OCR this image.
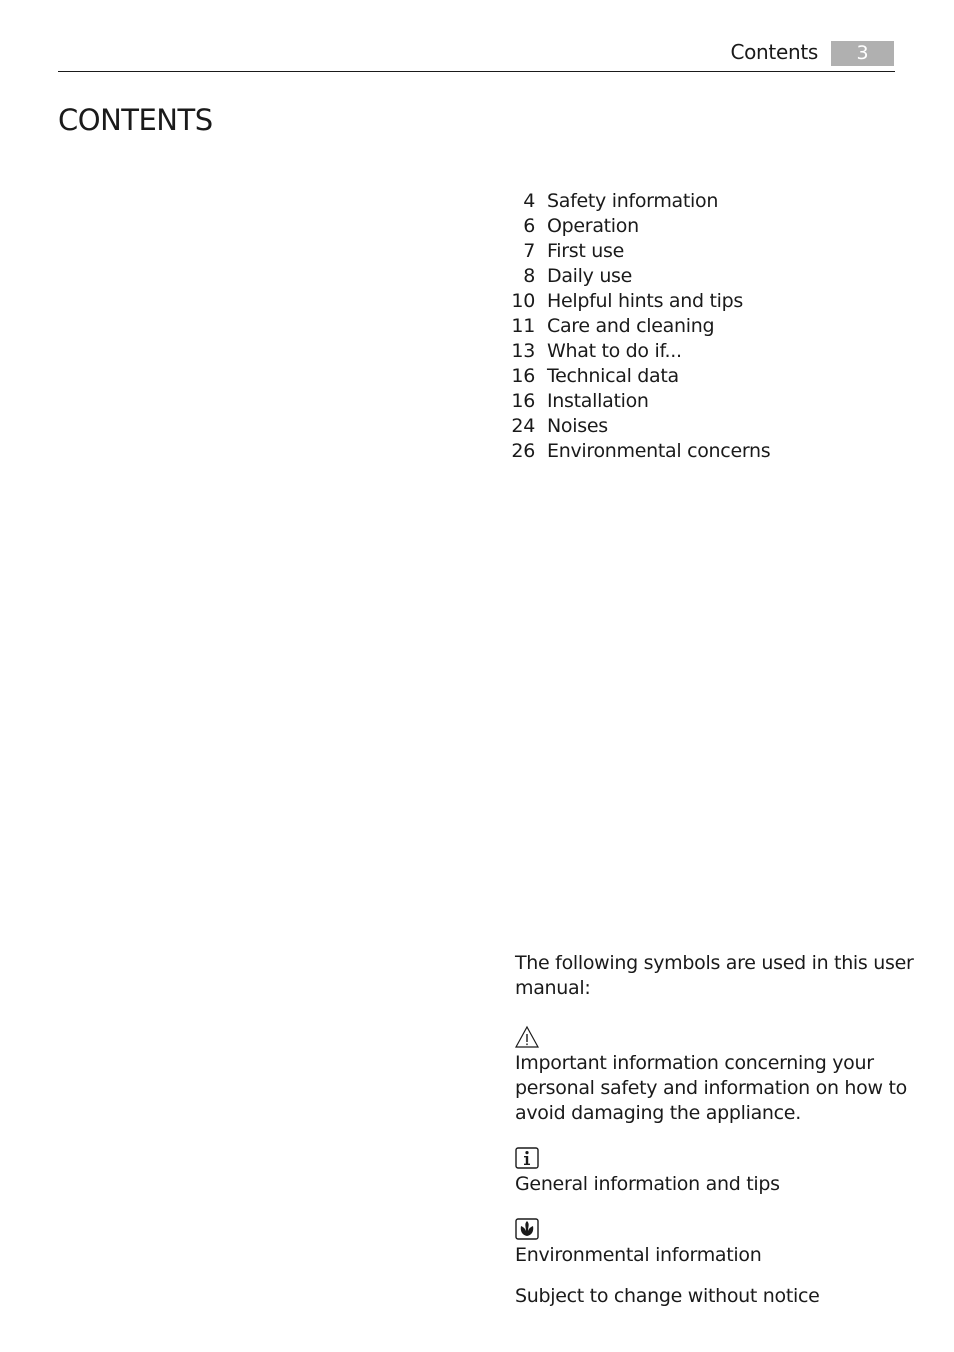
Contents	3
CONTENTS
4 Safety information
6 Operation
7 First use
8 Daily use
10 Helpful hints and tips
11 Care and cleaning
13 What to do if...
16 Technical data
16 Installation
24 Noises
26 Environmental concerns

The following symbols are used in this user manual:

Important information concerning your personal safety and information on how to avoid damaging the appliance.

General information and tips

Environmental information

Subject to change without notice
